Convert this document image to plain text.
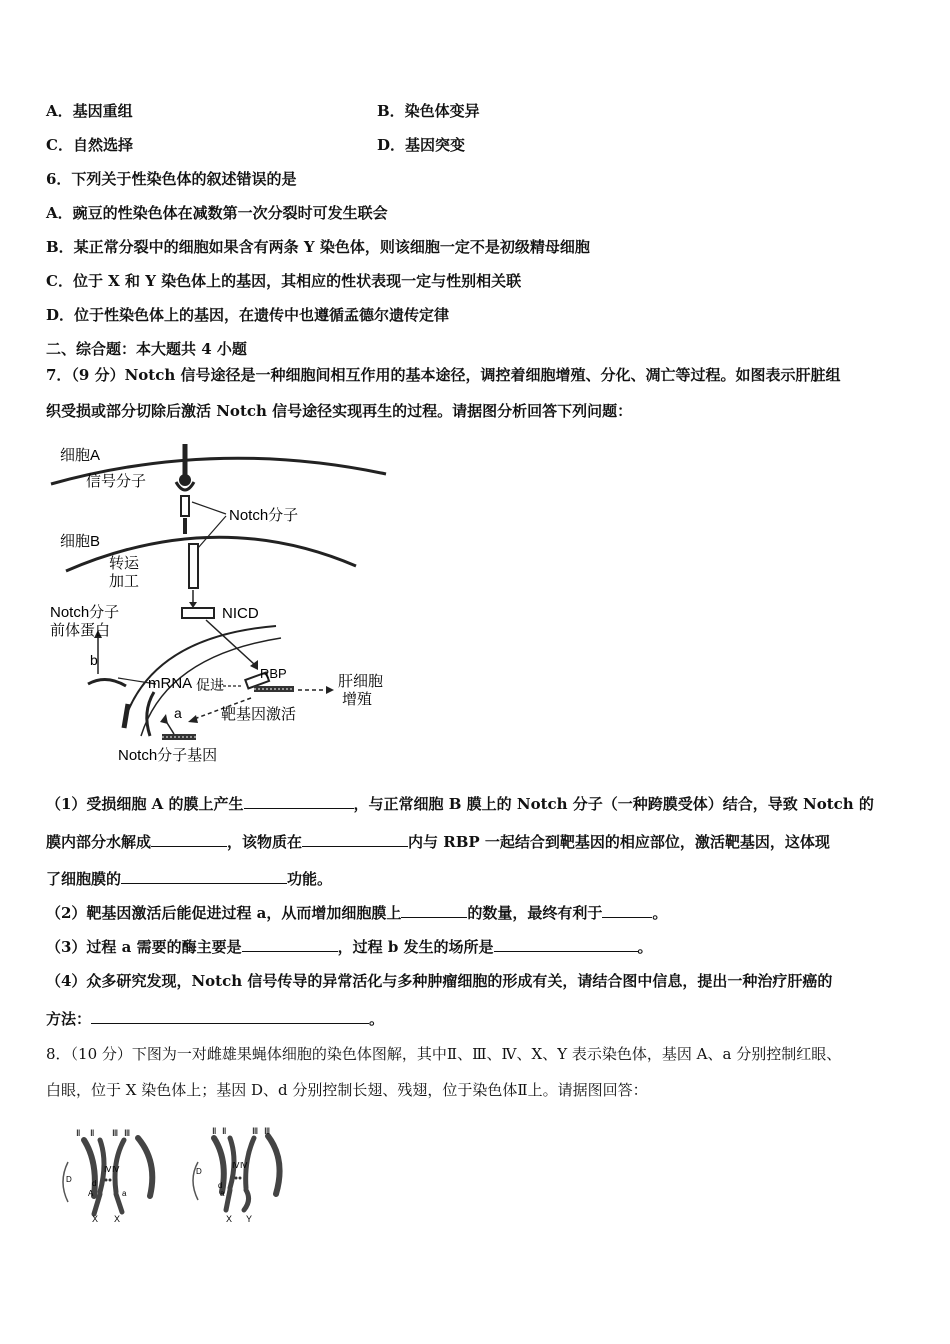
A．基因重组	B．染色体变异
C．自然选择	D．基因突变
6．下列关于性染色体的叙述错误的是
A．豌豆的性染色体在减数第一次分裂时可发生联会
B．某正常分裂中的细胞如果含有两条 Y 染色体，则该细胞一定不是初级精母细胞
C．位于 X 和 Y 染色体上的基因，其相应的性状表现一定与性别相关联
D．位于性染色体上的基因，在遗传中也遵循孟德尔遗传定律
二、综合题：本大题共 4 小题
7．（9 分）Notch 信号途径是一种细胞间相互作用的基本途径，调控着细胞增殖、分化、凋亡等过程。如图表示肝脏组
织受损或部分切除后激活 Notch 信号途径实现再生的过程。请据图分析回答下列问题：
细胞A
信号分子
Notch分子
细胞B
转运
加工
Notch分子
前体蛋白
NICD
b
mRNA 促进
RBP	肝细胞
增殖
a	靶基因激活
Notch分子基因
（1）受损细胞 A 的膜上产生	，与正常细胞 B 膜上的 Notch 分子（一种跨膜受体）结合，导致 Notch 的
膜内部分水解成	，该物质在	内与 RBP 一起结合到靶基因的相应部位，激活靶基因，这体现
了细胞膜的	功能。
（2）靶基因激活后能促进过程 a，从而增加细胞膜上	的数量，最终有利于	。
（3）过程 a 需要的酶主要是	，过程 b 发生的场所是	。
（4）众多研究发现，Notch 信号传导的异常活化与多种肿瘤细胞的形成有关，请结合图中信息，提出一种治疗肝癌的
方法：	。
8．（10 分）下图为一对雌雄果蝇体细胞的染色体图解，其中Ⅱ、Ⅲ、Ⅳ、X、Y 表示染色体，基因 A、a 分别控制红眼、
白眼，位于 X 染色体上；基因 D、d 分别控制长翅、残翅，位于染色体Ⅱ上。请据图回答：
Ⅱ Ⅱ Ⅲ Ⅲ
Ⅳ Ⅳ
D	d
A	a
X X
Ⅱ Ⅱ	Ⅲ Ⅲ
Ⅳ Ⅳ
D
d
a
X Y
